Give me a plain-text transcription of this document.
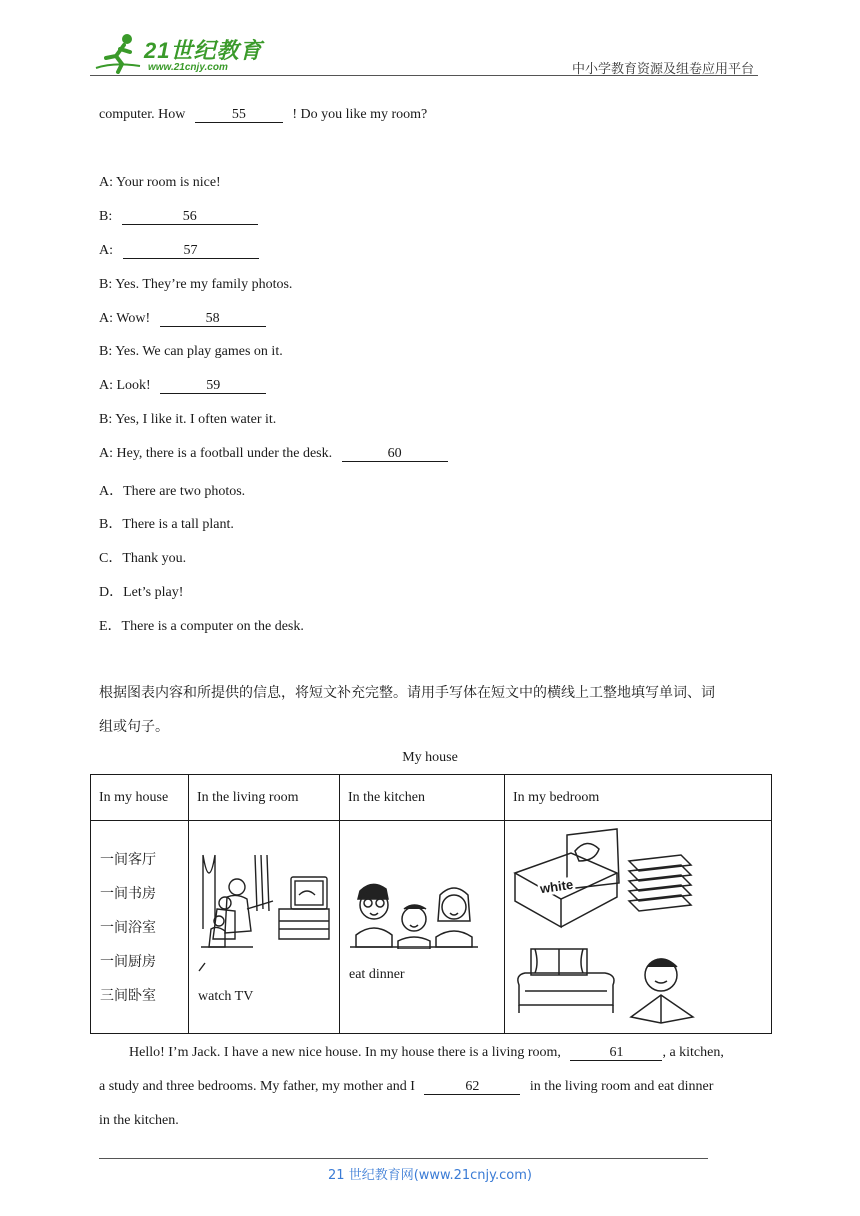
21世纪教育
www.21cnjy.com	中小学教育资源及组卷应用平台
computer. How	55	! Do you like my room?
A: Your room is nice!
B:	56
A:	57
B: Yes. They’re my family photos.
A: Wow!	58
B: Yes. We can play games on it.
A: Look!	59
B: Yes, I like it. I often water it.
A: Hey, there is a football under the desk.	60
A．There are two photos.
B．There is a tall plant.
C．Thank you.
D．Let’s play!
E．There is a computer on the desk.
根据图表内容和所提供的信息，将短文补充完整。请用手写体在短文中的横线上工整地填写单词、词
组或句子。
My house
In my house	In the living room	In the kitchen	In my bedroom

一间客厅
一间书房
一间浴室
一间厨房
三间卧室	watch TV	eat dinner	white
Hello! I’m Jack. I have a new nice house. In my house there is a living room,	61	, a kitchen,
a study and three bedrooms. My father, my mother and I	62	in the living room and eat dinner
in the kitchen.
21 世纪教育网(www.21cnjy.com)
